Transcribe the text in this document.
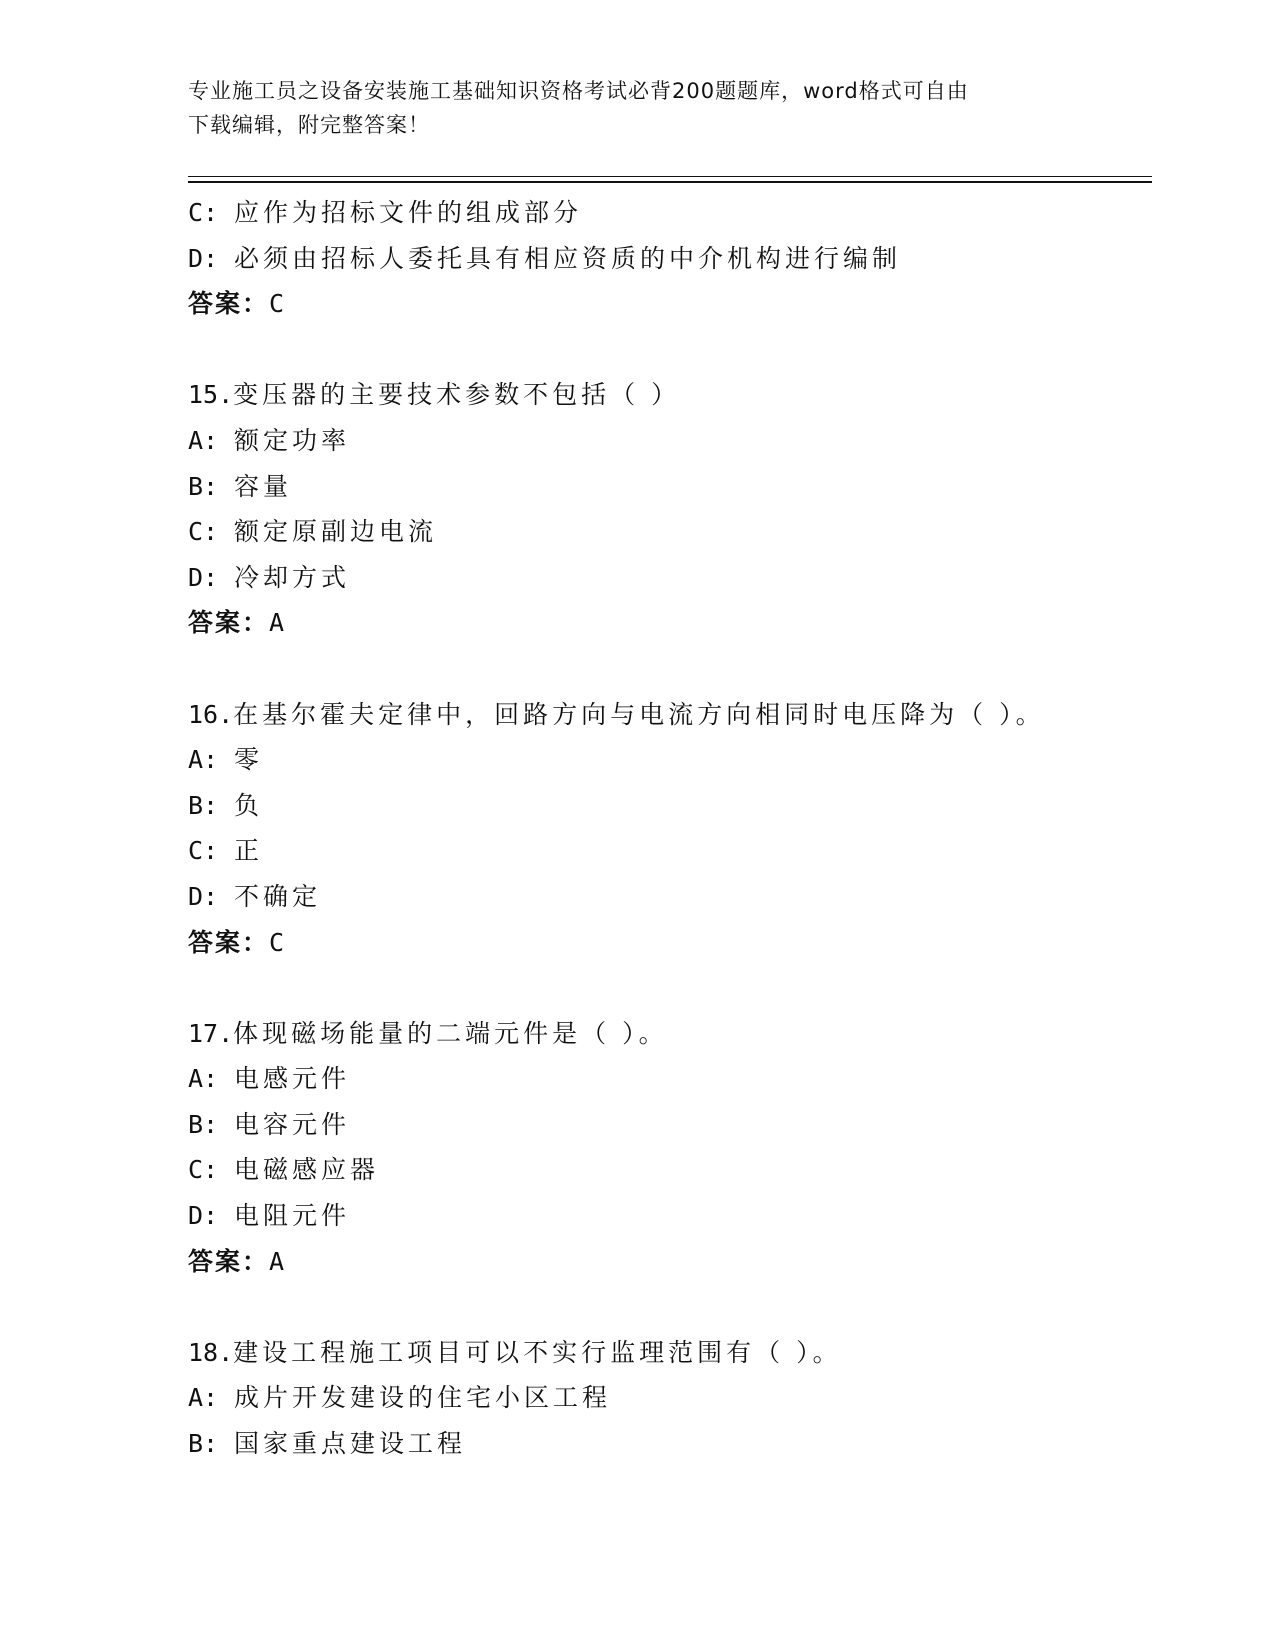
专业施工员之设备安装施工基础知识资格考试必背200题题库，word格式可自由
下载编辑，附完整答案！
C: 应作为招标文件的组成部分
D: 必须由招标人委托具有相应资质的中介机构进行编制
答案：C
15.变压器的主要技术参数不包括（ ）
A: 额定功率
B: 容量
C: 额定原副边电流
D: 冷却方式
答案：A
16.在基尔霍夫定律中，回路方向与电流方向相同时电压降为（ ）。
A: 零
B: 负
C: 正
D: 不确定
答案：C
17.体现磁场能量的二端元件是（ ）。
A: 电感元件
B: 电容元件
C: 电磁感应器
D: 电阻元件
答案：A
18.建设工程施工项目可以不实行监理范围有（ ）。
A: 成片开发建设的住宅小区工程
B: 国家重点建设工程
